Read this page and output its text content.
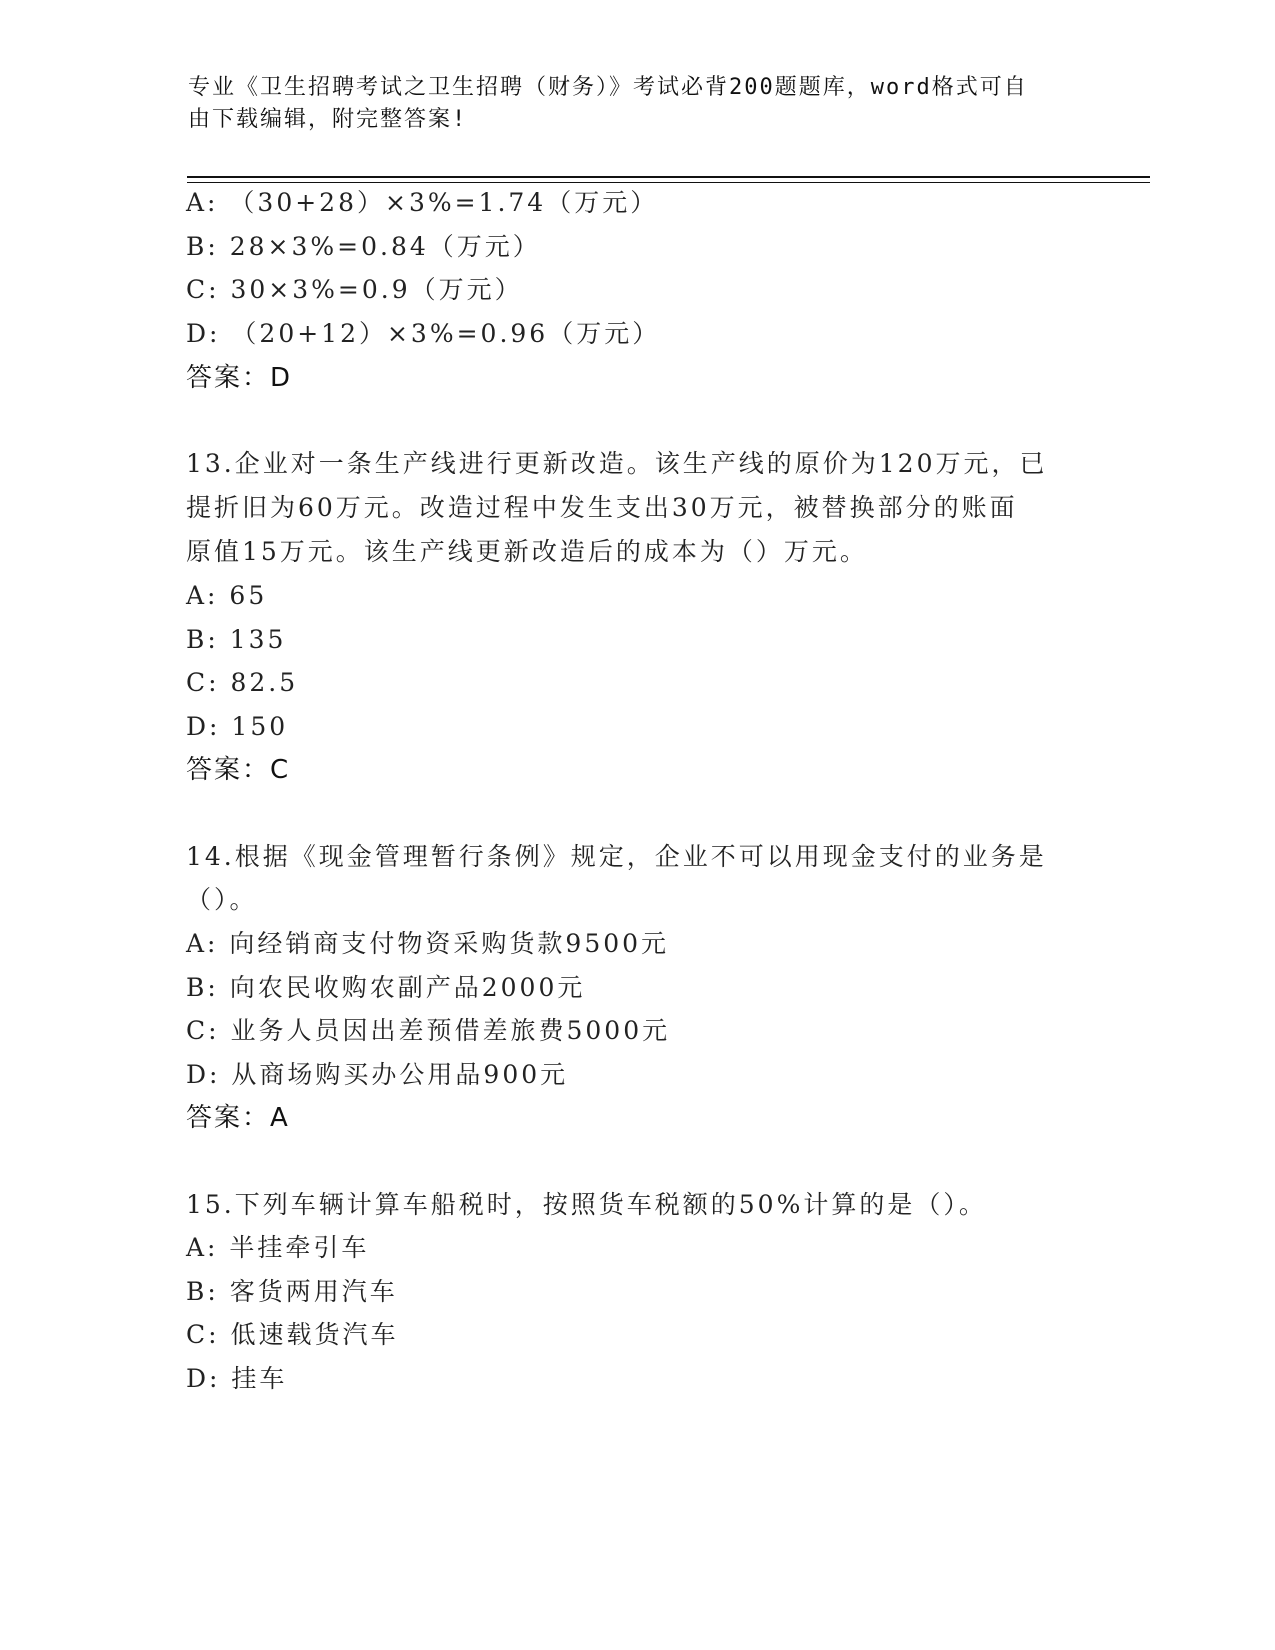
专业《卫生招聘考试之卫生招聘（财务）》考试必背200题题库，word格式可自
由下载编辑，附完整答案!
A: （30+28）×3%=1.74（万元）
B: 28×3%=0.84（万元）
C: 30×3%=0.9（万元）
D: （20+12）×3%=0.96（万元）
答案：D
13.企业对一条生产线进行更新改造。该生产线的原价为120万元，已
提折旧为60万元。改造过程中发生支出30万元，被替换部分的账面
原值15万元。该生产线更新改造后的成本为（）万元。
A: 65
B: 135
C: 82.5
D: 150
答案：C
14.根据《现金管理暂行条例》规定，企业不可以用现金支付的业务是
（）。
A: 向经销商支付物资采购货款9500元
B: 向农民收购农副产品2000元
C: 业务人员因出差预借差旅费5000元
D: 从商场购买办公用品900元
答案：A
15.下列车辆计算车船税时，按照货车税额的50%计算的是（）。
A: 半挂牵引车
B: 客货两用汽车
C: 低速载货汽车
D: 挂车
